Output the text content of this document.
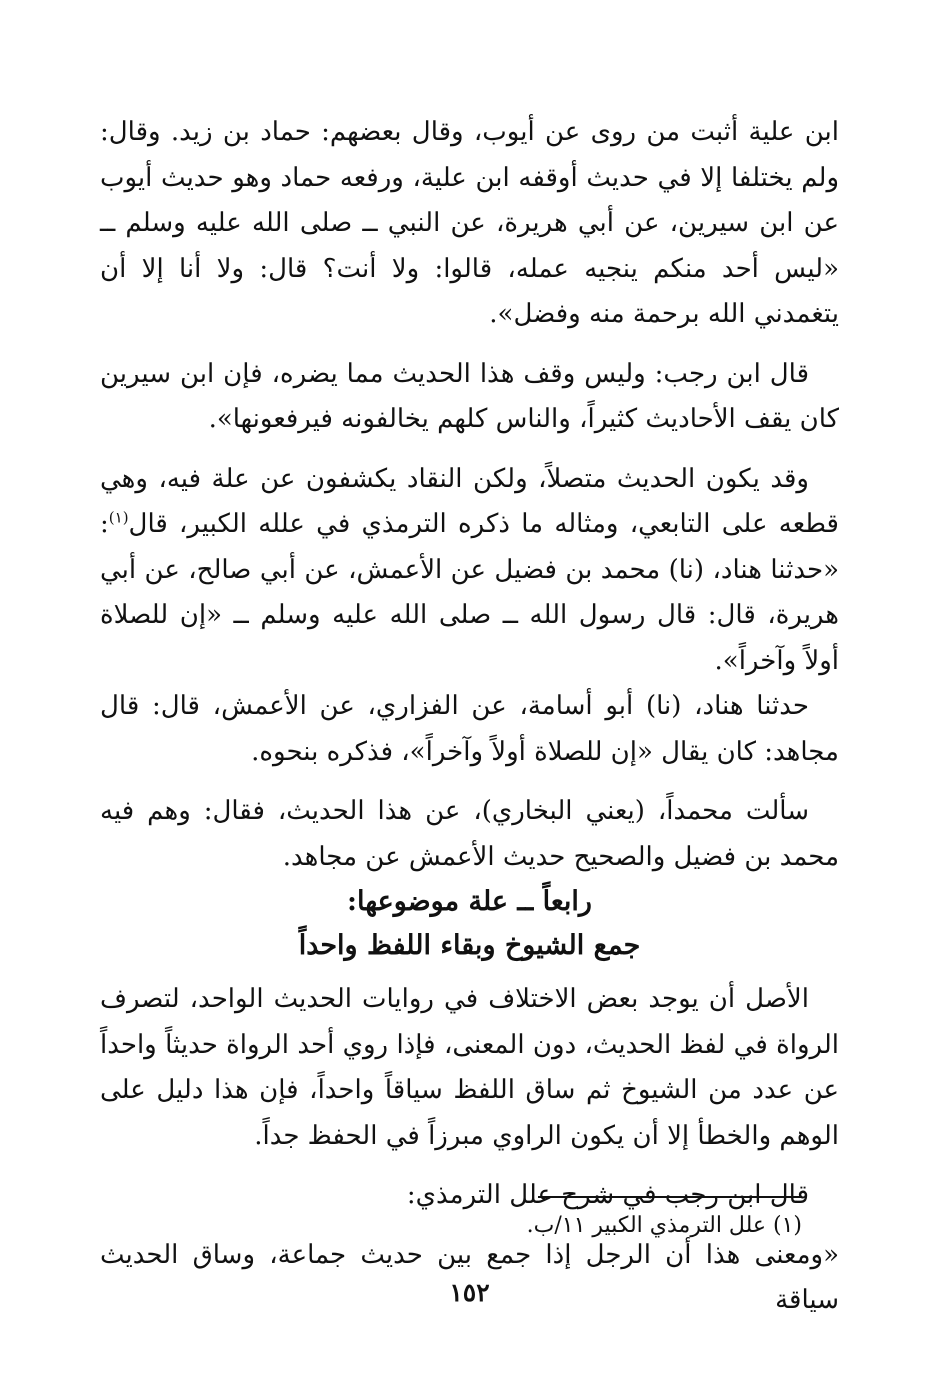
ابن علية أثبت من روى عن أيوب، وقال بعضهم: حماد بن زيد. وقال: ولم يختلفا إلا في حديث أوقفه ابن علية، ورفعه حماد وهو حديث أيوب عن ابن سيرين، عن أبي هريرة، عن النبي ــ صلى الله عليه وسلم ــ «ليس أحد منكم ينجيه عمله، قالوا: ولا أنت؟ قال: ولا أنا إلا أن يتغمدني الله برحمة منه وفضل».

قال ابن رجب: وليس وقف هذا الحديث مما يضره، فإن ابن سيرين كان يقف الأحاديث كثيراً، والناس كلهم يخالفونه فيرفعونها».

وقد يكون الحديث متصلاً، ولكن النقاد يكشفون عن علة فيه، وهي قطعه على التابعي، ومثاله ما ذكره الترمذي في علله الكبير، قال$^{(١)}$: «حدثنا هناد، (نا) محمد بن فضيل عن الأعمش، عن أبي صالح، عن أبي هريرة، قال: قال رسول الله ــ صلى الله عليه وسلم ــ «إن للصلاة أولاً وآخراً».

حدثنا هناد، (نا) أبو أسامة، عن الفزاري، عن الأعمش، قال: قال مجاهد: كان يقال «إن للصلاة أولاً وآخراً»، فذكره بنحوه.

سألت محمداً، (يعني البخاري)، عن هذا الحديث، فقال: وهم فيه محمد بن فضيل والصحيح حديث الأعمش عن مجاهد.

رابعاً ــ علة موضوعها:

جمع الشيوخ وبقاء اللفظ واحداً

الأصل أن يوجد بعض الاختلاف في روايات الحديث الواحد، لتصرف الرواة في لفظ الحديث، دون المعنى، فإذا روي أحد الرواة حديثاً واحداً عن عدد من الشيوخ ثم ساق اللفظ سياقاً واحداً، فإن هذا دليل على الوهم والخطأ إلا أن يكون الراوي مبرزاً في الحفظ جداً.

قال ابن رجب في شرح علل الترمذي:

«ومعنى هذا أن الرجل إذا جمع بين حديث جماعة، وساق الحديث سياقة

(١) علل الترمذي الكبير ١١/ب.

١٥٢
